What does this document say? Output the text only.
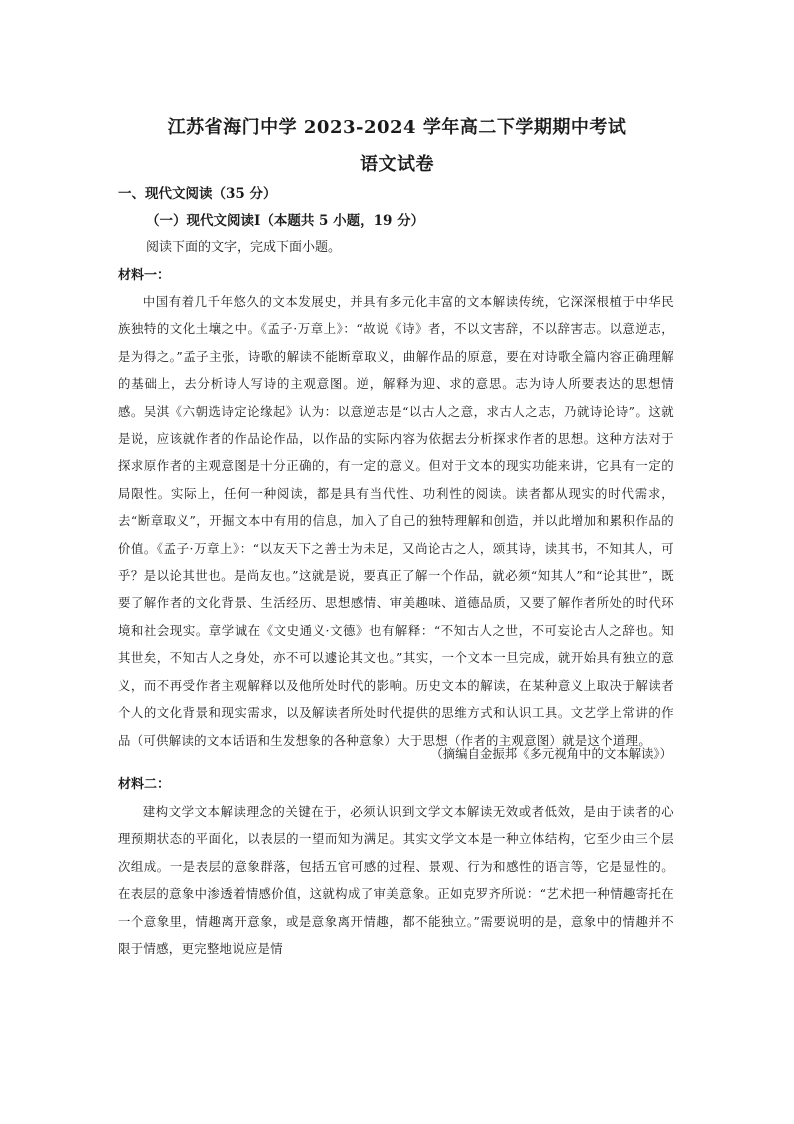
江苏省海门中学 2023-2024 学年高二下学期期中考试
语文试卷
一、现代文阅读（35 分）
（一）现代文阅读Ⅰ（本题共 5 小题，19 分）
阅读下面的文字，完成下面小题。
材料一：
中国有着几千年悠久的文本发展史，并具有多元化丰富的文本解读传统，它深深根植于中华民族独特的文化土壤之中。《孟子·万章上》：“故说《诗》者，不以文害辞，不以辞害志。以意逆志，是为得之。”孟子主张，诗歌的解读不能断章取义，曲解作品的原意，要在对诗歌全篇内容正确理解的基础上，去分析诗人写诗的主观意图。逆，解释为迎、求的意思。志为诗人所要表达的思想情感。吴淇《六朝选诗定论缘起》认为：以意逆志是“以古人之意，求古人之志，乃就诗论诗”。这就是说，应该就作者的作品论作品，以作品的实际内容为依据去分析探求作者的思想。这种方法对于探求原作者的主观意图是十分正确的，有一定的意义。但对于文本的现实功能来讲，它具有一定的局限性。实际上，任何一种阅读，都是具有当代性、功利性的阅读。读者都从现实的时代需求，去“断章取义”，开掘文本中有用的信息，加入了自己的独特理解和创造，并以此增加和累积作品的价值。《孟子·万章上》：“以友天下之善士为未足，又尚论古之人，颂其诗，读其书，不知其人，可乎？是以论其世也。是尚友也。”这就是说，要真正了解一个作品，就必须“知其人”和“论其世”，既要了解作者的文化背景、生活经历、思想感情、审美趣味、道德品质，又要了解作者所处的时代环境和社会现实。章学诚在《文史通义·文德》也有解释：“不知古人之世，不可妄论古人之辞也。知其世矣，不知古人之身处，亦不可以遽论其文也。”其实，一个文本一旦完成，就开始具有独立的意义，而不再受作者主观解释以及他所处时代的影响。历史文本的解读，在某种意义上取决于解读者个人的文化背景和现实需求，以及解读者所处时代提供的思维方式和认识工具。文艺学上常讲的作品（可供解读的文本话语和生发想象的各种意象）大于思想（作者的主观意图）就是这个道理。
（摘编自金振邦《多元视角中的文本解读》）
材料二：
建构文学文本解读理念的关键在于，必须认识到文学文本解读无效或者低效，是由于读者的心理预期状态的平面化，以表层的一望而知为满足。其实文学文本是一种立体结构，它至少由三个层次组成。一是表层的意象群落，包括五官可感的过程、景观、行为和感性的语言等，它是显性的。在表层的意象中渗透着情感价值，这就构成了审美意象。正如克罗齐所说：“艺术把一种情趣寄托在一个意象里，情趣离开意象，或是意象离开情趣，都不能独立。”需要说明的是，意象中的情趣并不限于情感，更完整地说应是情
